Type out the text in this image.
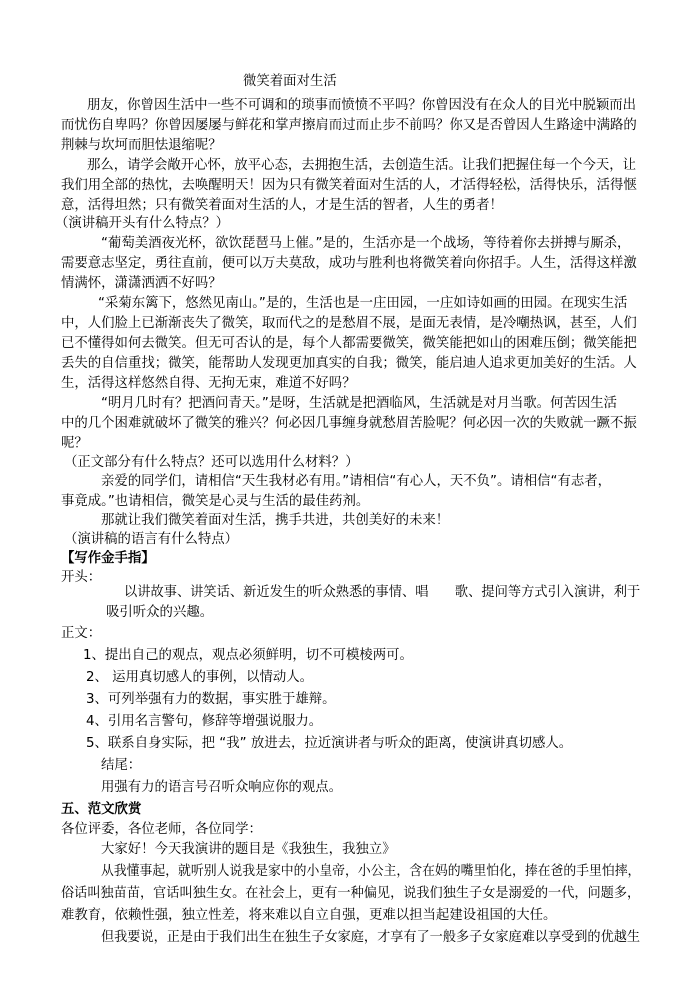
微笑着面对生活
朋友，你曾因生活中一些不可调和的琐事而愤愤不平吗？你曾因没有在众人的目光中脱颖而出
而忧伤自卑吗？你曾因屡屡与鲜花和掌声擦肩而过而止步不前吗？你又是否曾因人生路途中满路的
荆棘与坎坷而胆怯退缩呢？
那么，请学会敞开心怀，放平心态，去拥抱生活，去创造生活。让我们把握住每一个今天，让
我们用全部的热忱，去唤醒明天！因为只有微笑着面对生活的人，才活得轻松，活得快乐，活得惬
意，活得坦然；只有微笑着面对生活的人，才是生活的智者，人生的勇者！
（演讲稿开头有什么特点？）
“葡萄美酒夜光杯，欲饮琵琶马上催。”是的，生活亦是一个战场，等待着你去拼搏与厮杀，
需要意志坚定，勇往直前，便可以万夫莫敌，成功与胜利也将微笑着向你招手。人生，活得这样激
情满怀，潇潇洒洒不好吗？
“采菊东篱下，悠然见南山。”是的，生活也是一庄田园，一庄如诗如画的田园。在现实生活
中，人们脸上已渐渐丧失了微笑，取而代之的是愁眉不展，是面无表情，是冷嘲热讽，甚至，人们
已不懂得如何去微笑。但无可否认的是，每个人都需要微笑，微笑能把如山的困难压倒；微笑能把
丢失的自信重找；微笑，能帮助人发现更加真实的自我；微笑，能启迪人追求更加美好的生活。人
生，活得这样悠然自得、无拘无束，难道不好吗？
“明月几时有？把酒问青天。”是呀，生活就是把酒临风，生活就是对月当歌。何苦因生活
中的几个困难就破坏了微笑的雅兴？何必因几事缠身就愁眉苦脸呢？何必因一次的失败就一蹶不振
呢？
（正文部分有什么特点？还可以选用什么材料？）
亲爱的同学们，请相信“天生我材必有用。”请相信“有心人，天不负”。请相信“有志者，
事竟成。”也请相信，微笑是心灵与生活的最佳药剂。
那就让我们微笑着面对生活，携手共进，共创美好的未来！
（演讲稿的语言有什么特点）
【写作金手指】
开头：
以讲故事、讲笑话、新近发生的听众熟悉的事情、唱　　歌、提问等方式引入演讲，利于
吸引听众的兴趣。
正文：
1、提出自己的观点，观点必须鲜明，切不可模棱两可。
2、 运用真切感人的事例，以情动人。
3、可列举强有力的数据，事实胜于雄辩。
4、引用名言警句，修辞等增强说服力。
5、联系自身实际，把 “我” 放进去，拉近演讲者与听众的距离，使演讲真切感人。
结尾：
用强有力的语言号召听众响应你的观点。
五、范文欣赏
各位评委，各位老师，各位同学：
大家好！今天我演讲的题目是《我独生，我独立》
从我懂事起，就听别人说我是家中的小皇帝，小公主，含在妈的嘴里怕化，捧在爸的手里怕摔，
俗话叫独苗苗，官话叫独生女。在社会上，更有一种偏见，说我们独生子女是溺爱的一代，问题多，
难教育，依赖性强，独立性差，将来难以自立自强，更难以担当起建设祖国的大任。
但我要说，正是由于我们出生在独生子女家庭，才享有了一般多子女家庭难以享受到的优越生
